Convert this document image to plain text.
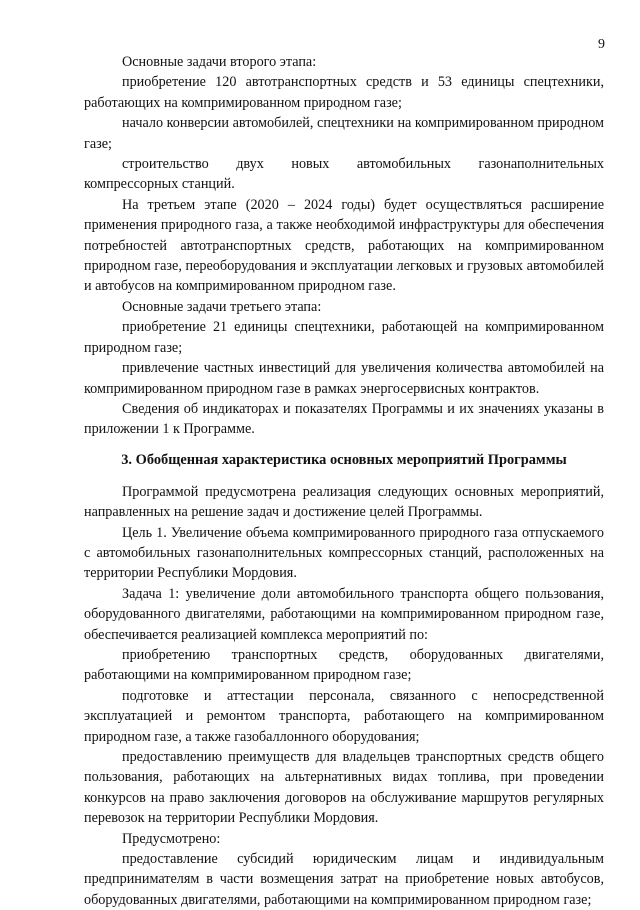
9

Основные задачи второго этапа:

приобретение 120 автотранспортных средств и 53 единицы спецтехники, работающих на компримированном природном газе;

начало конверсии автомобилей, спецтехники на компримированном природном газе;

строительство двух новых автомобильных газонаполнительных компрессорных станций.

На третьем этапе (2020 – 2024 годы) будет осуществляться расширение применения природного газа, а также необходимой инфраструктуры для обеспечения потребностей автотранспортных средств, работающих на компримированном природном газе, переоборудования и эксплуатации легковых и грузовых автомобилей и автобусов на компримированном природном газе.

Основные задачи третьего этапа:

приобретение 21 единицы спецтехники, работающей на компримированном природном газе;

привлечение частных инвестиций для увеличения количества автомобилей на компримированном природном газе в рамках энергосервисных контрактов.

Сведения об индикаторах и показателях Программы и их значениях указаны в приложении 1 к Программе.

3. Обобщенная характеристика основных мероприятий Программы

Программой предусмотрена реализация следующих основных мероприятий, направленных на решение задач и достижение целей Программы.

Цель 1. Увеличение объема компримированного природного газа отпускаемого с автомобильных газонаполнительных компрессорных станций, расположенных на территории Республики Мордовия.

Задача 1: увеличение доли автомобильного транспорта общего пользования, оборудованного двигателями, работающими на компримированном природном газе, обеспечивается реализацией комплекса мероприятий по:

приобретению транспортных средств, оборудованных двигателями, работающими на компримированном природном газе;

подготовке и аттестации персонала, связанного с непосредственной эксплуатацией и ремонтом транспорта, работающего на компримированном природном газе, а также газобаллонного оборудования;

предоставлению преимуществ для владельцев транспортных средств общего пользования, работающих на альтернативных видах топлива, при проведении конкурсов на право заключения договоров на обслуживание маршрутов регулярных перевозок на территории Республики Мордовия.

Предусмотрено:

предоставление субсидий юридическим лицам и индивидуальным предпринимателям в части возмещения затрат на приобретение новых автобусов, оборудованных двигателями, работающими на компримированном природном газе;
